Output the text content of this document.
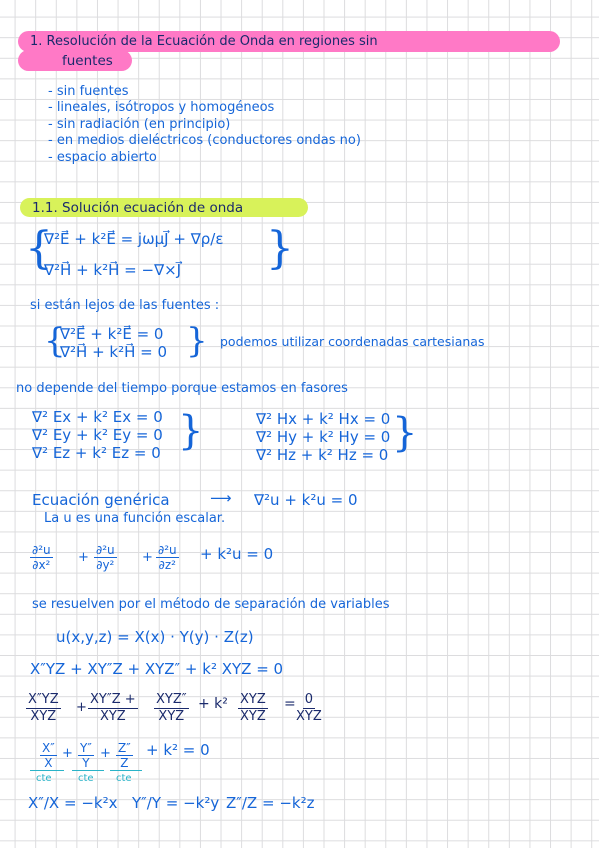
1. Resolución de la Ecuación de Onda en regiones sin
fuentes
- sin fuentes
- lineales, isótropos y homogéneos
- sin radiación (en principio)
- en medios dieléctricos (conductores ondas no)
- espacio abierto
1.1. Solución ecuación de onda
{
∇²E⃗ + k²E⃗ = jωμJ⃗ + ∇ρ/ε
∇²H⃗ + k²H⃗ = −∇×J⃗ }
si están lejos de las fuentes :
{
∇²E⃗ + k²E⃗ = 0
∇²H⃗ + k²H⃗ = 0 } podemos utilizar coordenadas cartesianas
no depende del tiempo porque estamos en fasores
∇² Ex + k² Ex = 0
∇² Ey + k² Ey = 0
∇² Ez + k² Ez = 0 }	∇² Hx + k² Hx = 0
∇² Hy + k² Hy = 0
∇² Hz + k² Hz = 0 }
Ecuación genérica	⟶ ∇²u + k²u = 0
La u es una función escalar.
$\frac{\text{∂²u}}{\text{∂x²}} + \frac{\text{∂²u}}{\text{∂y²}} + \frac{\text{∂²u}}{\text{∂z²}} + k^2u = 0$
se resuelven por el método de separación de variables
u(x,y,z) = X(x) · Y(y) · Z(z)
X″YZ + XY″Z + XYZ″ + k² XYZ = 0
X″YZ
XYZ
+
XY″Z +
XYZ
XYZ″
XYZ
+ k² XYZ
XYZ
= 0
XYZ
$\frac{X''}{X} + \frac{Y''}{Y} + \frac{Z''}{Z} + k^2 = 0$
cte	cte cte
X″/X = −k²x Y″/Y = −k²y Z″/Z = −k²z
